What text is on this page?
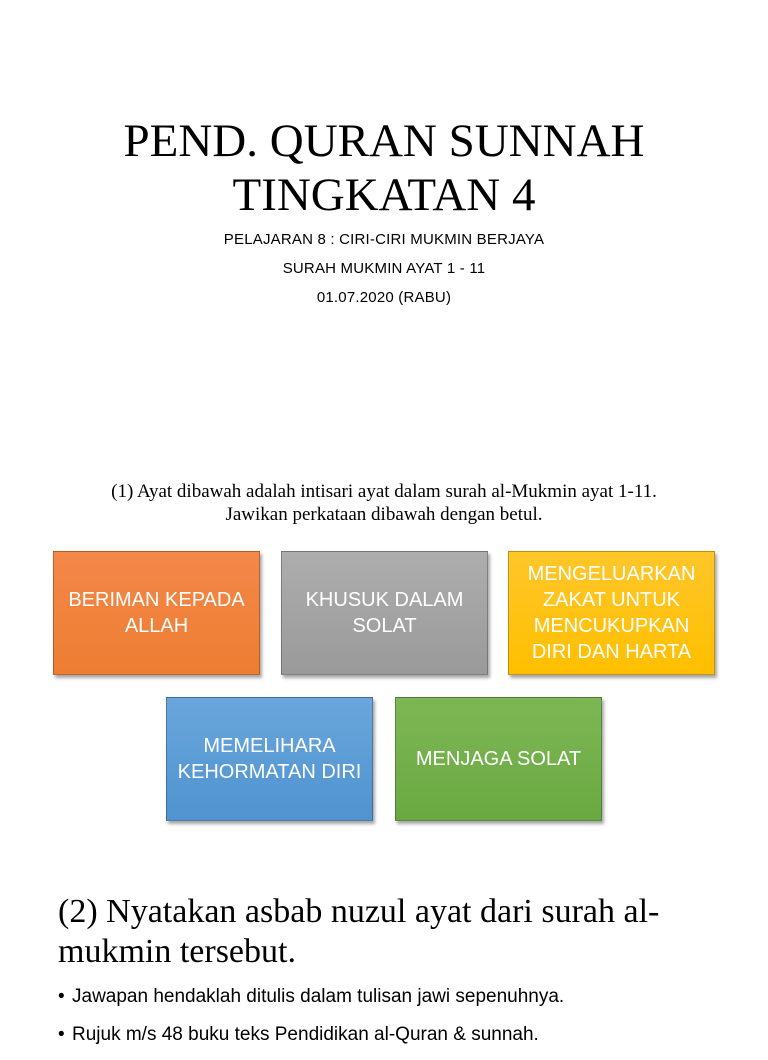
PEND. QURAN SUNNAH
TINGKATAN 4
PELAJARAN 8 : CIRI-CIRI MUKMIN BERJAYA
SURAH MUKMIN AYAT 1 - 11
01.07.2020 (RABU)
(1) Ayat dibawah adalah intisari ayat dalam surah al-Mukmin ayat 1-11.
Jawikan perkataan dibawah dengan betul.
BERIMAN KEPADA
ALLAH
KHUSUK DALAM
SOLAT
MENGELUARKAN
ZAKAT UNTUK
MENCUKUPKAN
DIRI DAN HARTA
MEMELIHARA
KEHORMATAN DIRI
MENJAGA SOLAT
(2) Nyatakan asbab nuzul ayat dari surah al-mukmin tersebut.
• Jawapan hendaklah ditulis dalam tulisan jawi sepenuhnya.
• Rujuk m/s 48 buku teks Pendidikan al-Quran & sunnah.
